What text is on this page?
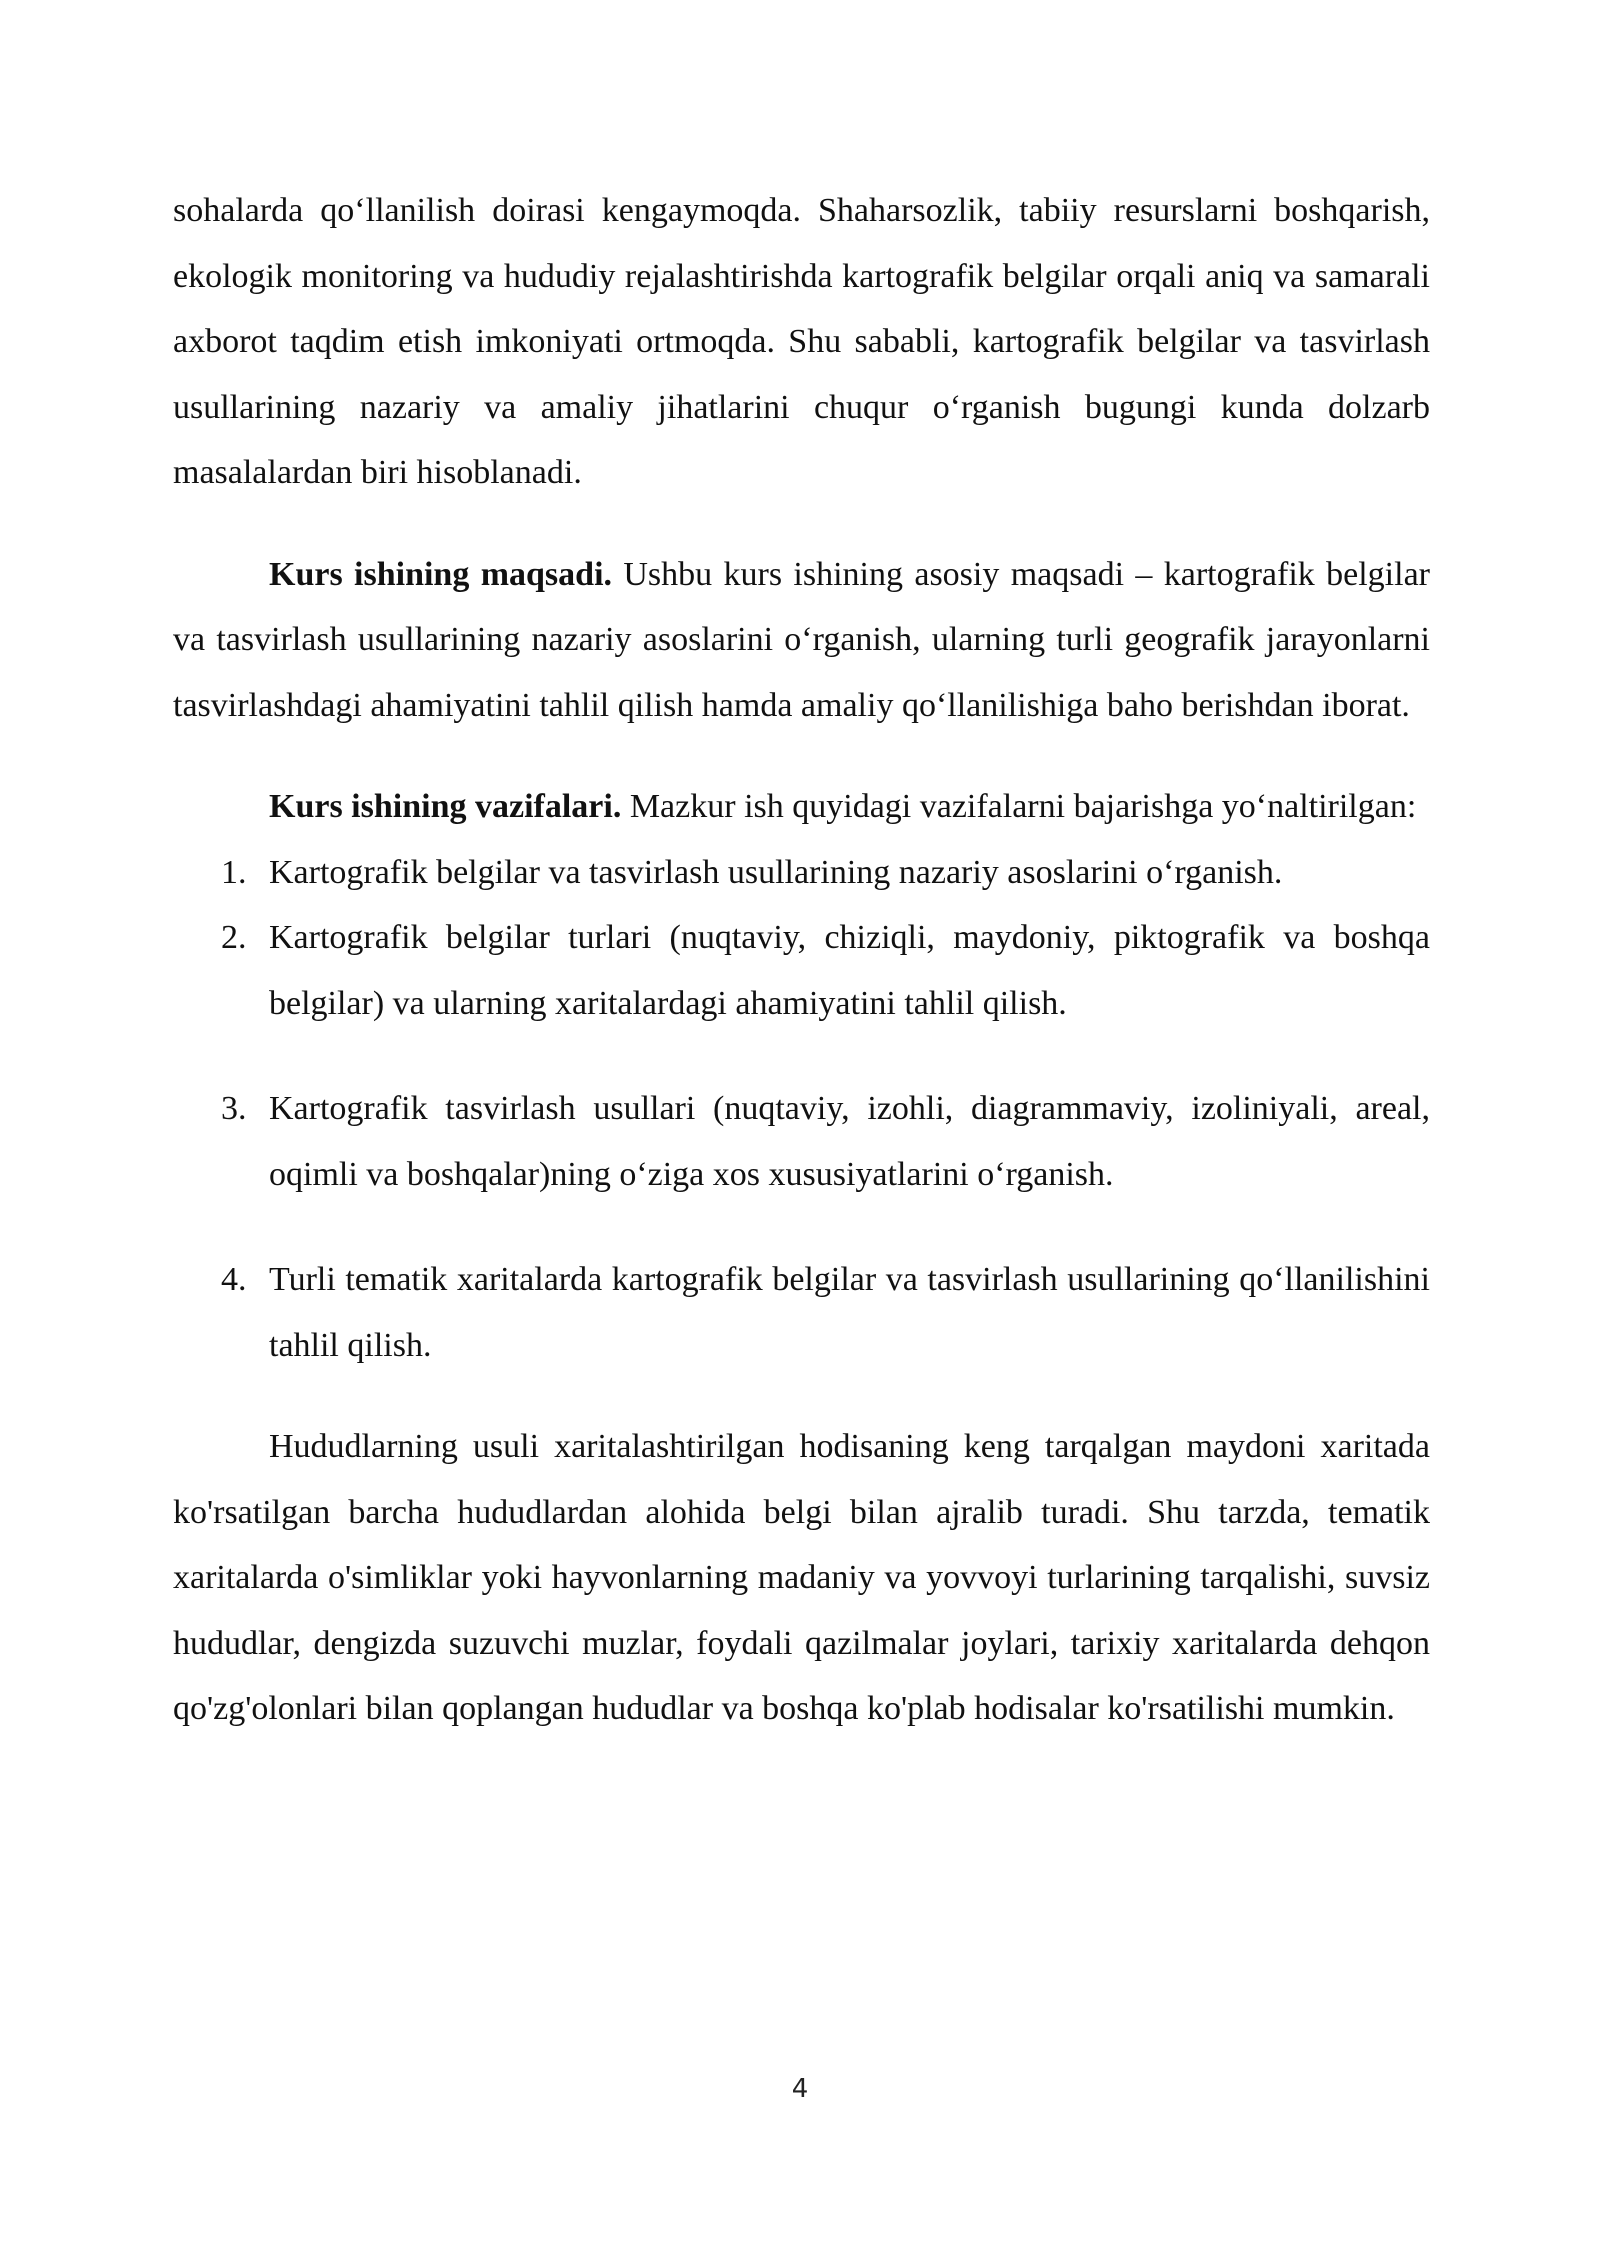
sohalarda qo‘llanilish doirasi kengaymoqda. Shaharsozlik, tabiiy resurslarni boshqarish, ekologik monitoring va hududiy rejalashtirishda kartografik belgilar orqali aniq va samarali axborot taqdim etish imkoniyati ortmoqda. Shu sababli, kartografik belgilar va tasvirlash usullarining nazariy va amaliy jihatlarini chuqur o‘rganish bugungi kunda dolzarb masalalardan biri hisoblanadi.

Kurs ishining maqsadi. Ushbu kurs ishining asosiy maqsadi – kartografik belgilar va tasvirlash usullarining nazariy asoslarini o‘rganish, ularning turli geografik jarayonlarni tasvirlashdagi ahamiyatini tahlil qilish hamda amaliy qo‘llanilishiga baho berishdan iborat.

Kurs ishining vazifalari. Mazkur ish quyidagi vazifalarni bajarishga yo‘naltirilgan:

1. Kartografik belgilar va tasvirlash usullarining nazariy asoslarini o‘rganish.
2. Kartografik belgilar turlari (nuqtaviy, chiziqli, maydoniy, piktografik va boshqa belgilar) va ularning xaritalardagi ahamiyatini tahlil qilish.
3. Kartografik tasvirlash usullari (nuqtaviy, izohli, diagrammaviy, izoliniyali, areal, oqimli va boshqalar)ning o‘ziga xos xususiyatlarini o‘rganish.
4. Turli tematik xaritalarda kartografik belgilar va tasvirlash usullarining qo‘llanilishini tahlil qilish.

Hududlarning usuli xaritalashtirilgan hodisaning keng tarqalgan maydoni xaritada ko'rsatilgan barcha hududlardan alohida belgi bilan ajralib turadi. Shu tarzda, tematik xaritalarda o'simliklar yoki hayvonlarning madaniy va yovvoyi turlarining tarqalishi, suvsiz hududlar, dengizda suzuvchi muzlar, foydali qazilmalar joylari, tarixiy xaritalarda dehqon qo'zg'olonlari bilan qoplangan hududlar va boshqa ko'plab hodisalar ko'rsatilishi mumkin.

4
